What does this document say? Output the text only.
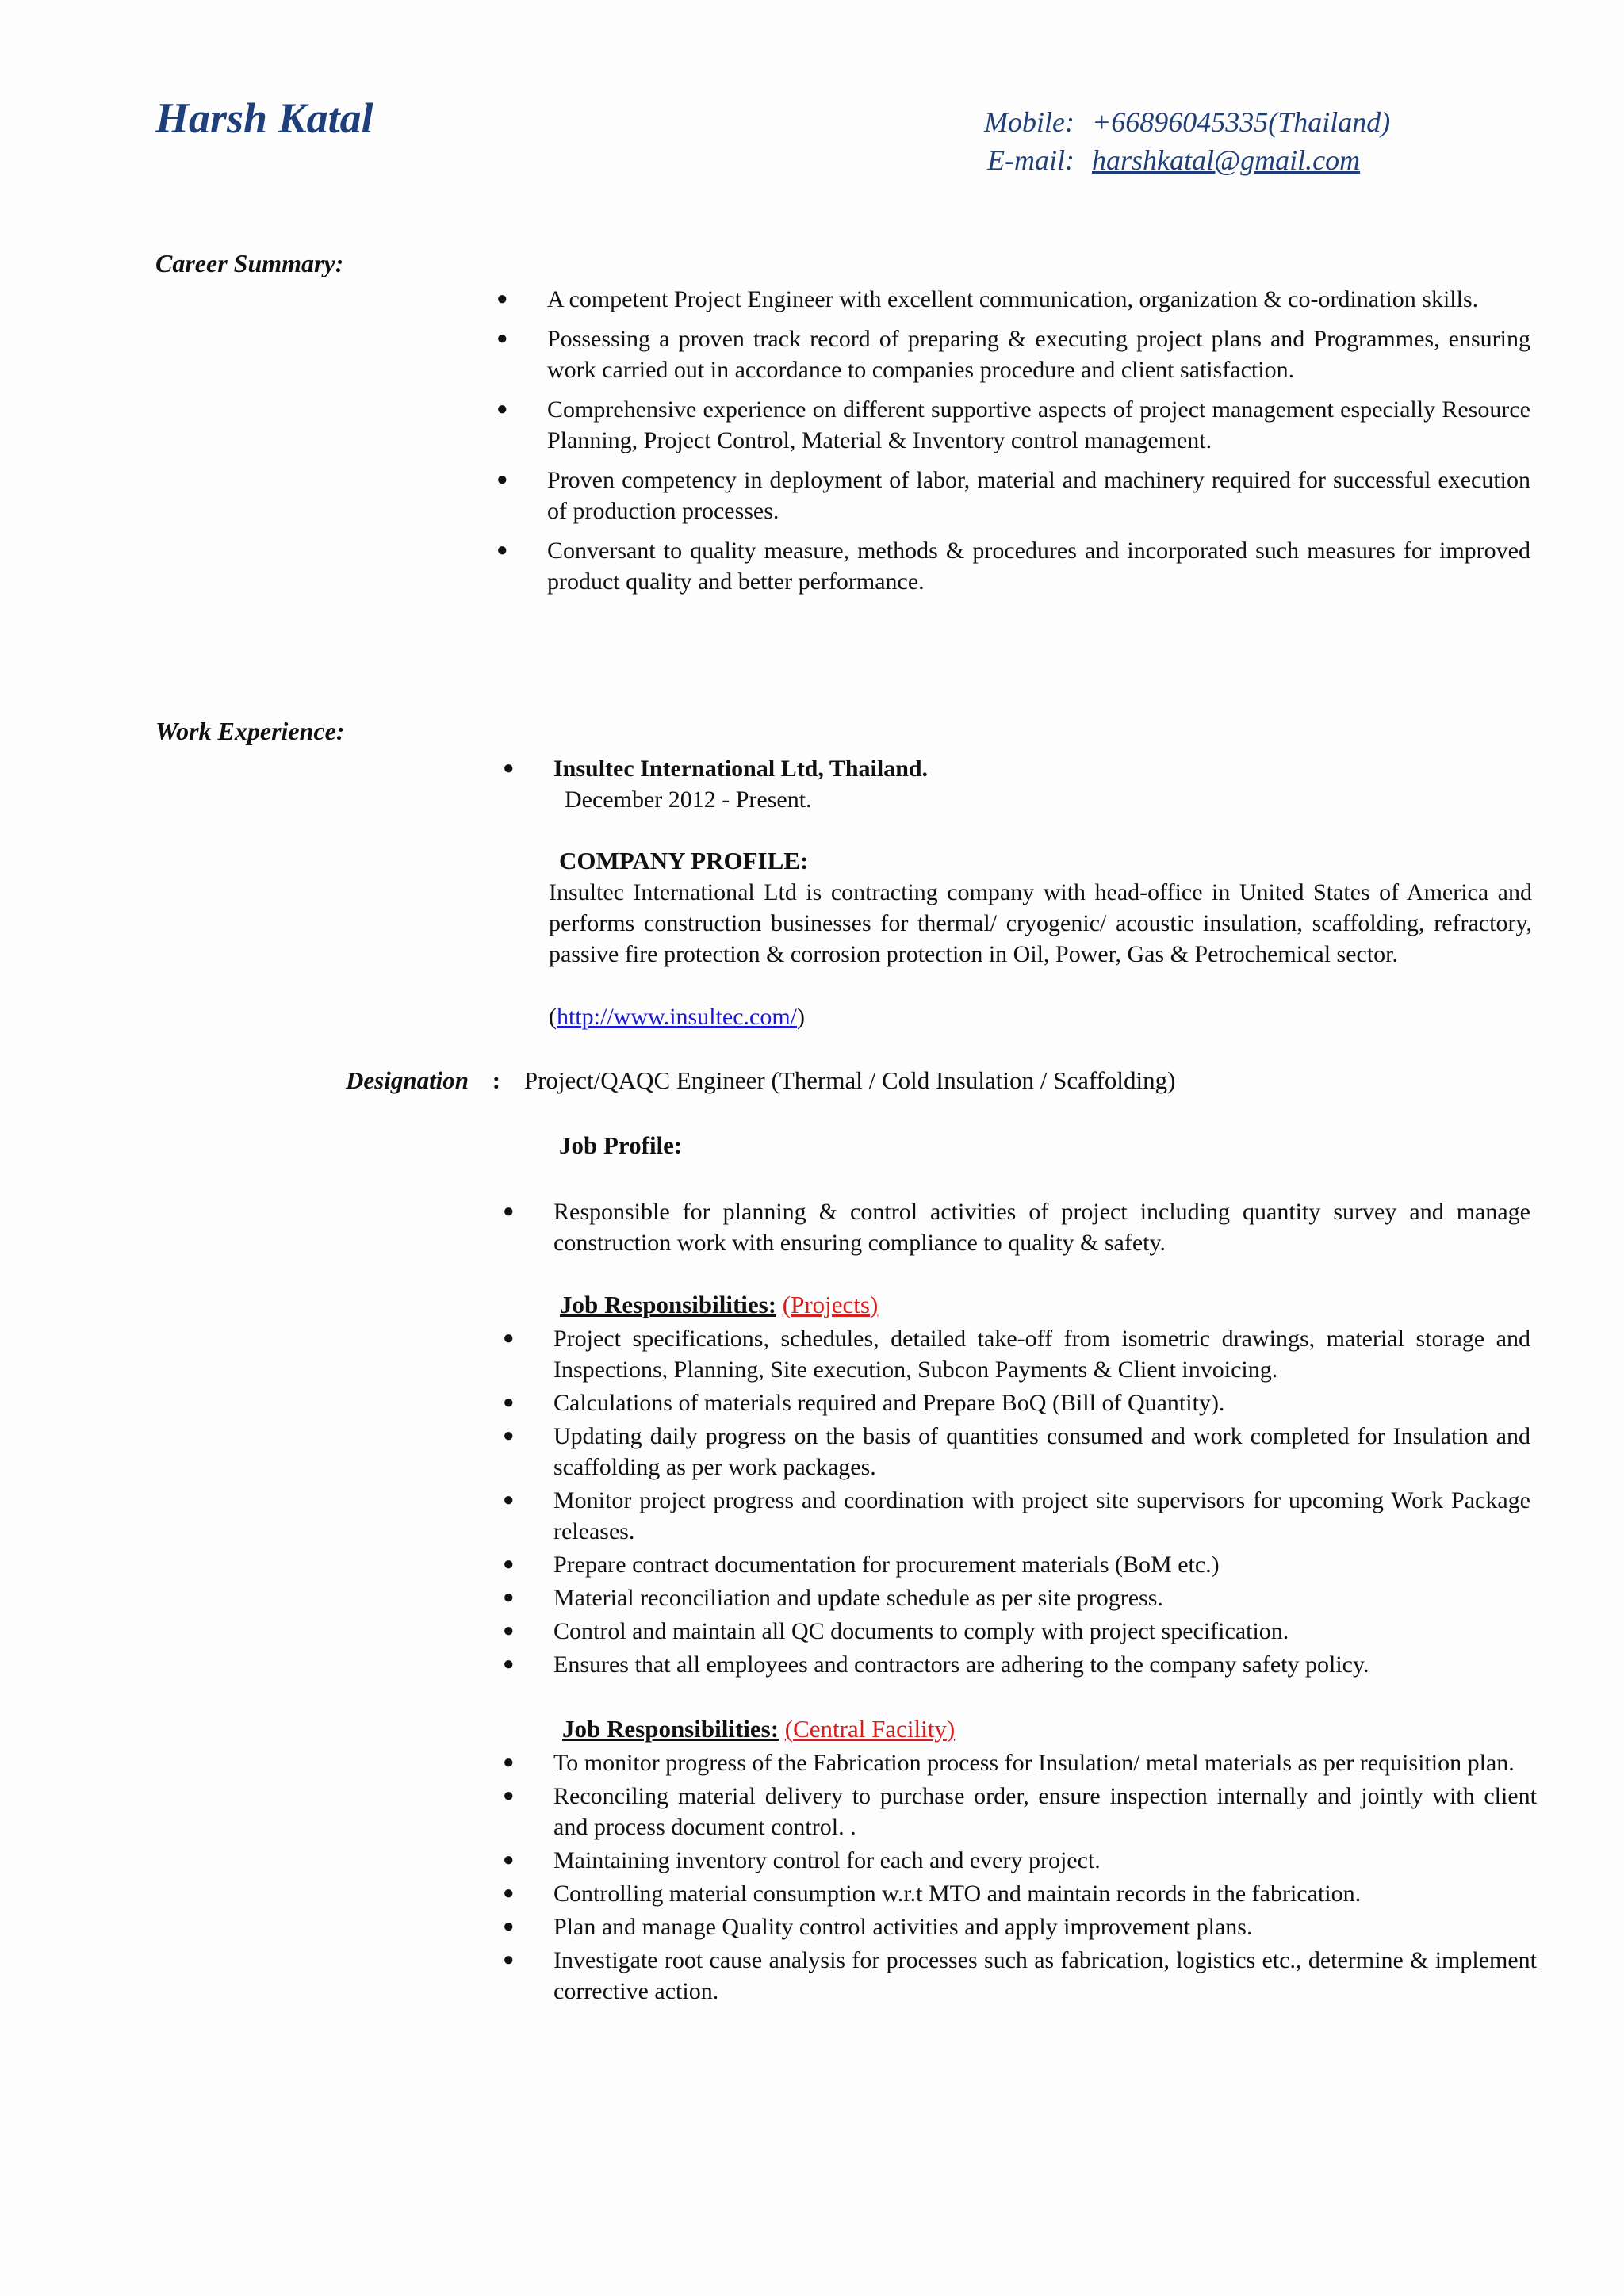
Harsh Katal	Mobile: +66896045335(Thailand)
E-mail: harshkatal@gmail.com
Career Summary:
● A competent Project Engineer with excellent communication, organization & co-ordination skills.
● Possessing a proven track record of preparing & executing project plans and Programmes, ensuring work carried out in accordance to companies procedure and client satisfaction.
● Comprehensive experience on different supportive aspects of project management especially Resource Planning, Project Control, Material & Inventory control management.
● Proven competency in deployment of labor, material and machinery required for successful execution of production processes.
● Conversant to quality measure, methods & procedures and incorporated such measures for improved product quality and better performance.
Work Experience:
● Insultec International Ltd, Thailand.
December 2012 - Present.
COMPANY PROFILE:
Insultec International Ltd is contracting company with head-office in United States of America and performs construction businesses for thermal/ cryogenic/ acoustic insulation, scaffolding, refractory, passive fire protection & corrosion protection in Oil, Power, Gas & Petrochemical sector.
(http://www.insultec.com/)
Designation : Project/QAQC Engineer (Thermal / Cold Insulation / Scaffolding)
Job Profile:
● Responsible for planning & control activities of project including quantity survey and manage construction work with ensuring compliance to quality & safety.
Job Responsibilities: (Projects)
● Project specifications, schedules, detailed take-off from isometric drawings, material storage and Inspections, Planning, Site execution, Subcon Payments & Client invoicing.
● Calculations of materials required and Prepare BoQ (Bill of Quantity).
● Updating daily progress on the basis of quantities consumed and work completed for Insulation and scaffolding as per work packages.
● Monitor project progress and coordination with project site supervisors for upcoming Work Package releases.
● Prepare contract documentation for procurement materials (BoM etc.)
● Material reconciliation and update schedule as per site progress.
● Control and maintain all QC documents to comply with project specification.
● Ensures that all employees and contractors are adhering to the company safety policy.
Job Responsibilities: (Central Facility)
● To monitor progress of the Fabrication process for Insulation/ metal materials as per requisition plan.
● Reconciling material delivery to purchase order, ensure inspection internally and jointly with client and process document control. .
● Maintaining inventory control for each and every project.
● Controlling material consumption w.r.t MTO and maintain records in the fabrication.
● Plan and manage Quality control activities and apply improvement plans.
● Investigate root cause analysis for processes such as fabrication, logistics etc., determine & implement corrective action.
